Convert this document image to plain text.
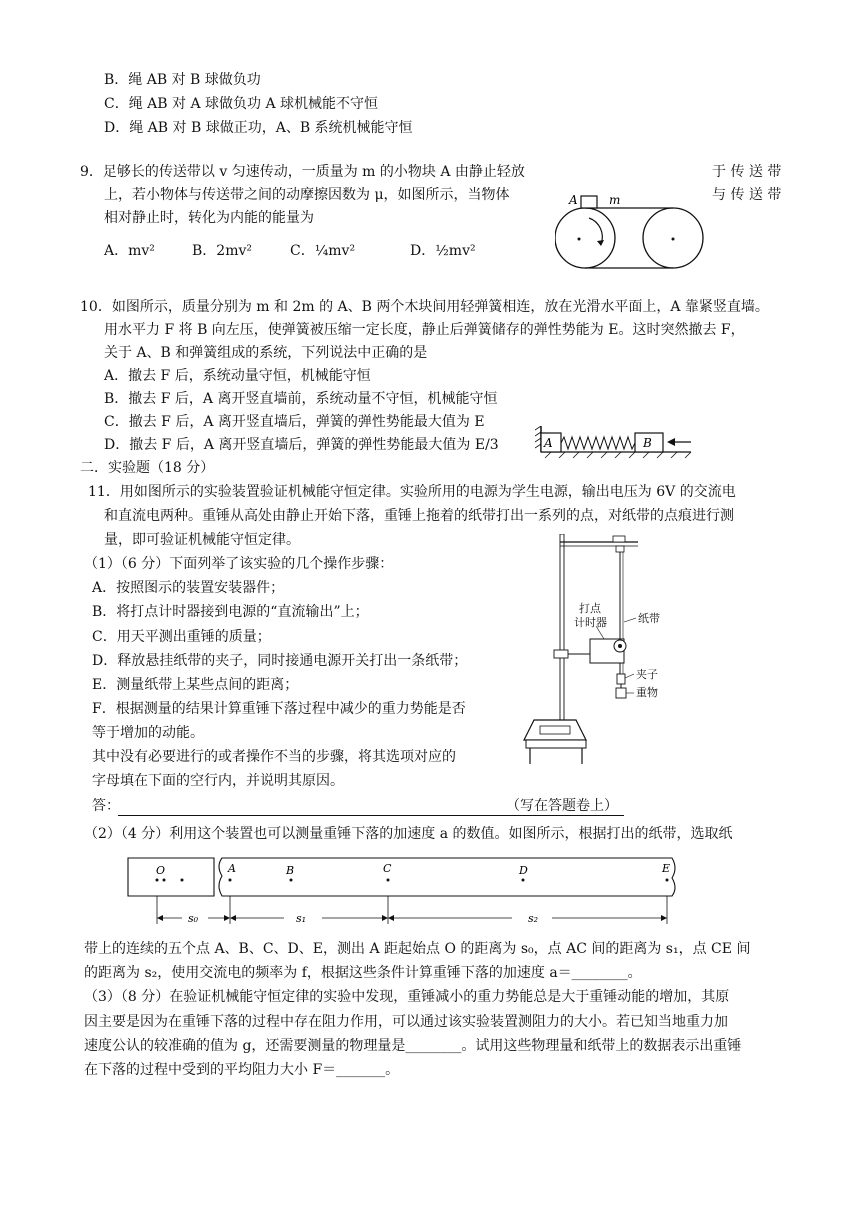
B．绳 AB 对 B 球做负功
C．绳 AB 对 A 球做负功 A 球机械能不守恒
D．绳 AB 对 B 球做正功，A、B 系统机械能守恒
9．足够长的传送带以 v 匀速传动，一质量为 m 的小物块 A 由静止轻放
上，若小物体与传送带之间的动摩擦因数为 μ，如图所示，当物体
相对静止时，转化为内能的能量为
于 传 送 带
与 传 送 带
A．mv²	B．2mv²	C．¼mv²	D．½mv²
A	m
10．如图所示，质量分别为 m 和 2m 的 A、B 两个木块间用轻弹簧相连，放在光滑水平面上，A 靠紧竖直墙。
用水平力 F 将 B 向左压，使弹簧被压缩一定长度，静止后弹簧储存的弹性势能为 E。这时突然撤去 F，
关于 A、B 和弹簧组成的系统，下列说法中正确的是
A．撤去 F 后，系统动量守恒，机械能守恒
B．撤去 F 后，A 离开竖直墙前，系统动量不守恒，机械能守恒
C．撤去 F 后，A 离开竖直墙后，弹簧的弹性势能最大值为 E
D．撤去 F 后，A 离开竖直墙后，弹簧的弹性势能最大值为 E/3	A	B
二．实验题（18 分）
11．用如图所示的实验装置验证机械能守恒定律。实验所用的电源为学生电源，输出电压为 6V 的交流电
和直流电两种。重锤从高处由静止开始下落，重锤上拖着的纸带打出一系列的点，对纸带的点痕进行测
量，即可验证机械能守恒定律。
（1）（6 分）下面列举了该实验的几个操作步骤：
A．按照图示的装置安装器件；
B．将打点计时器接到电源的“直流输出”上；
C．用天平测出重锤的质量；
D．释放悬挂纸带的夹子，同时接通电源开关打出一条纸带；
E．测量纸带上某些点间的距离；
F．根据测量的结果计算重锤下落过程中减少的重力势能是否
等于增加的动能。
其中没有必要进行的或者操作不当的步骤，将其选项对应的
字母填在下面的空行内，并说明其原因。
答：	（写在答题卷上）
打点
计时器	纸带
夹子
重物
（2）（4 分）利用这个装置也可以测量重锤下落的加速度 a 的数值。如图所示，根据打出的纸带，选取纸
O	A	B	C	D	E
s₀	s₁	s₂
带上的连续的五个点 A、B、C、D、E，测出 A 距起始点 O 的距离为 s₀，点 AC 间的距离为 s₁，点 CE 间
的距离为 s₂，使用交流电的频率为 f，根据这些条件计算重锤下落的加速度 a＝________。
（3）（8 分）在验证机械能守恒定律的实验中发现，重锤减小的重力势能总是大于重锤动能的增加，其原
因主要是因为在重锤下落的过程中存在阻力作用，可以通过该实验装置测阻力的大小。若已知当地重力加
速度公认的较准确的值为 g，还需要测量的物理量是________。试用这些物理量和纸带上的数据表示出重锤
在下落的过程中受到的平均阻力大小 F＝_______。
